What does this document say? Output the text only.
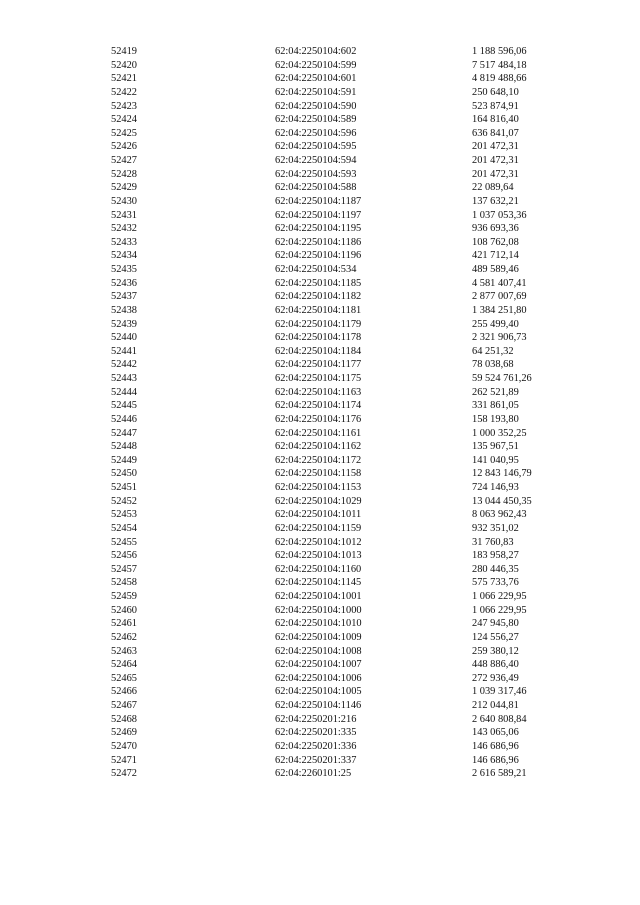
52419	62:04:2250104:602	1 188 596,06
52420	62:04:2250104:599	7 517 484,18
52421	62:04:2250104:601	4 819 488,66
52422	62:04:2250104:591	250 648,10
52423	62:04:2250104:590	523 874,91
52424	62:04:2250104:589	164 816,40
52425	62:04:2250104:596	636 841,07
52426	62:04:2250104:595	201 472,31
52427	62:04:2250104:594	201 472,31
52428	62:04:2250104:593	201 472,31
52429	62:04:2250104:588	22 089,64
52430	62:04:2250104:1187	137 632,21
52431	62:04:2250104:1197	1 037 053,36
52432	62:04:2250104:1195	936 693,36
52433	62:04:2250104:1186	108 762,08
52434	62:04:2250104:1196	421 712,14
52435	62:04:2250104:534	489 589,46
52436	62:04:2250104:1185	4 581 407,41
52437	62:04:2250104:1182	2 877 007,69
52438	62:04:2250104:1181	1 384 251,80
52439	62:04:2250104:1179	255 499,40
52440	62:04:2250104:1178	2 321 906,73
52441	62:04:2250104:1184	64 251,32
52442	62:04:2250104:1177	78 038,68
52443	62:04:2250104:1175	59 524 761,26
52444	62:04:2250104:1163	262 521,89
52445	62:04:2250104:1174	331 861,05
52446	62:04:2250104:1176	158 193,80
52447	62:04:2250104:1161	1 000 352,25
52448	62:04:2250104:1162	135 967,51
52449	62:04:2250104:1172	141 040,95
52450	62:04:2250104:1158	12 843 146,79
52451	62:04:2250104:1153	724 146,93
52452	62:04:2250104:1029	13 044 450,35
52453	62:04:2250104:1011	8 063 962,43
52454	62:04:2250104:1159	932 351,02
52455	62:04:2250104:1012	31 760,83
52456	62:04:2250104:1013	183 958,27
52457	62:04:2250104:1160	280 446,35
52458	62:04:2250104:1145	575 733,76
52459	62:04:2250104:1001	1 066 229,95
52460	62:04:2250104:1000	1 066 229,95
52461	62:04:2250104:1010	247 945,80
52462	62:04:2250104:1009	124 556,27
52463	62:04:2250104:1008	259 380,12
52464	62:04:2250104:1007	448 886,40
52465	62:04:2250104:1006	272 936,49
52466	62:04:2250104:1005	1 039 317,46
52467	62:04:2250104:1146	212 044,81
52468	62:04:2250201:216	2 640 808,84
52469	62:04:2250201:335	143 065,06
52470	62:04:2250201:336	146 686,96
52471	62:04:2250201:337	146 686,96
52472	62:04:2260101:25	2 616 589,21
